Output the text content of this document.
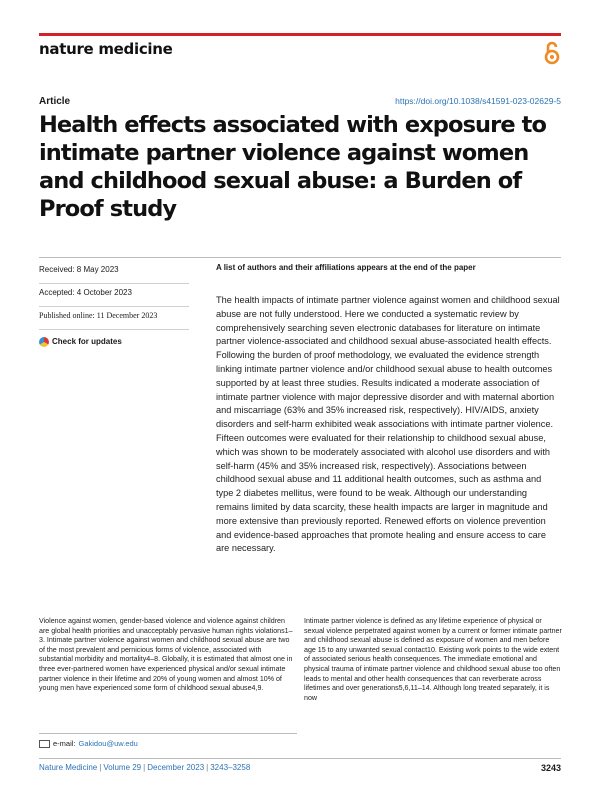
nature medicine
Article	https://doi.org/10.1038/s41591-023-02629-5
Health effects associated with exposure to intimate partner violence against women and childhood sexual abuse: a Burden of Proof study
Received: 8 May 2023
Accepted: 4 October 2023
Published online: 11 December 2023
Check for updates
A list of authors and their affiliations appears at the end of the paper

The health impacts of intimate partner violence against women and childhood sexual abuse are not fully understood. Here we conducted a systematic review by comprehensively searching seven electronic databases for literature on intimate partner violence-associated and childhood sexual abuse-associated health effects. Following the burden of proof methodology, we evaluated the evidence strength linking intimate partner violence and/or childhood sexual abuse to health outcomes supported by at least three studies. Results indicated a moderate association of intimate partner violence with major depressive disorder and with maternal abortion and miscarriage (63% and 35% increased risk, respectively). HIV/AIDS, anxiety disorders and self-harm exhibited weak associations with intimate partner violence. Fifteen outcomes were evaluated for their relationship to childhood sexual abuse, which was shown to be moderately associated with alcohol use disorders and with self-harm (45% and 35% increased risk, respectively). Associations between childhood sexual abuse and 11 additional health outcomes, such as asthma and type 2 diabetes mellitus, were found to be weak. Although our understanding remains limited by data scarcity, these health impacts are larger in magnitude and more extensive than previously reported. Renewed efforts on violence prevention and evidence-based approaches that promote healing and ensure access to care are necessary.

Violence against women, gender-based violence and violence against children are global health priorities and unacceptably pervasive human rights violations1–3. Intimate partner violence against women and childhood sexual abuse are two of the most prevalent and pernicious forms of violence, associated with substantial morbidity and mortality4–8. Globally, it is estimated that almost one in three ever-partnered women have experienced physical and/or sexual intimate partner violence in their lifetime and 20% of young women and almost 10% of young men have experienced some form of childhood sexual abuse4,9.

Intimate partner violence is defined as any lifetime experience of physical or sexual violence perpetrated against women by a current or former intimate partner and childhood sexual abuse is defined as exposure of women and men before age 15 to any unwanted sexual contact10. Existing work points to the wide extent of associated serious health consequences. The immediate emotional and physical trauma of intimate partner violence and childhood sexual abuse too often leads to mental and other health consequences that can reverberate across lifetimes and over generations5,6,11–14. Although long treated separately, it is now

e-mail: Gakidou@uw.edu
Nature Medicine | Volume 29 | December 2023 | 3243–3258	3243
